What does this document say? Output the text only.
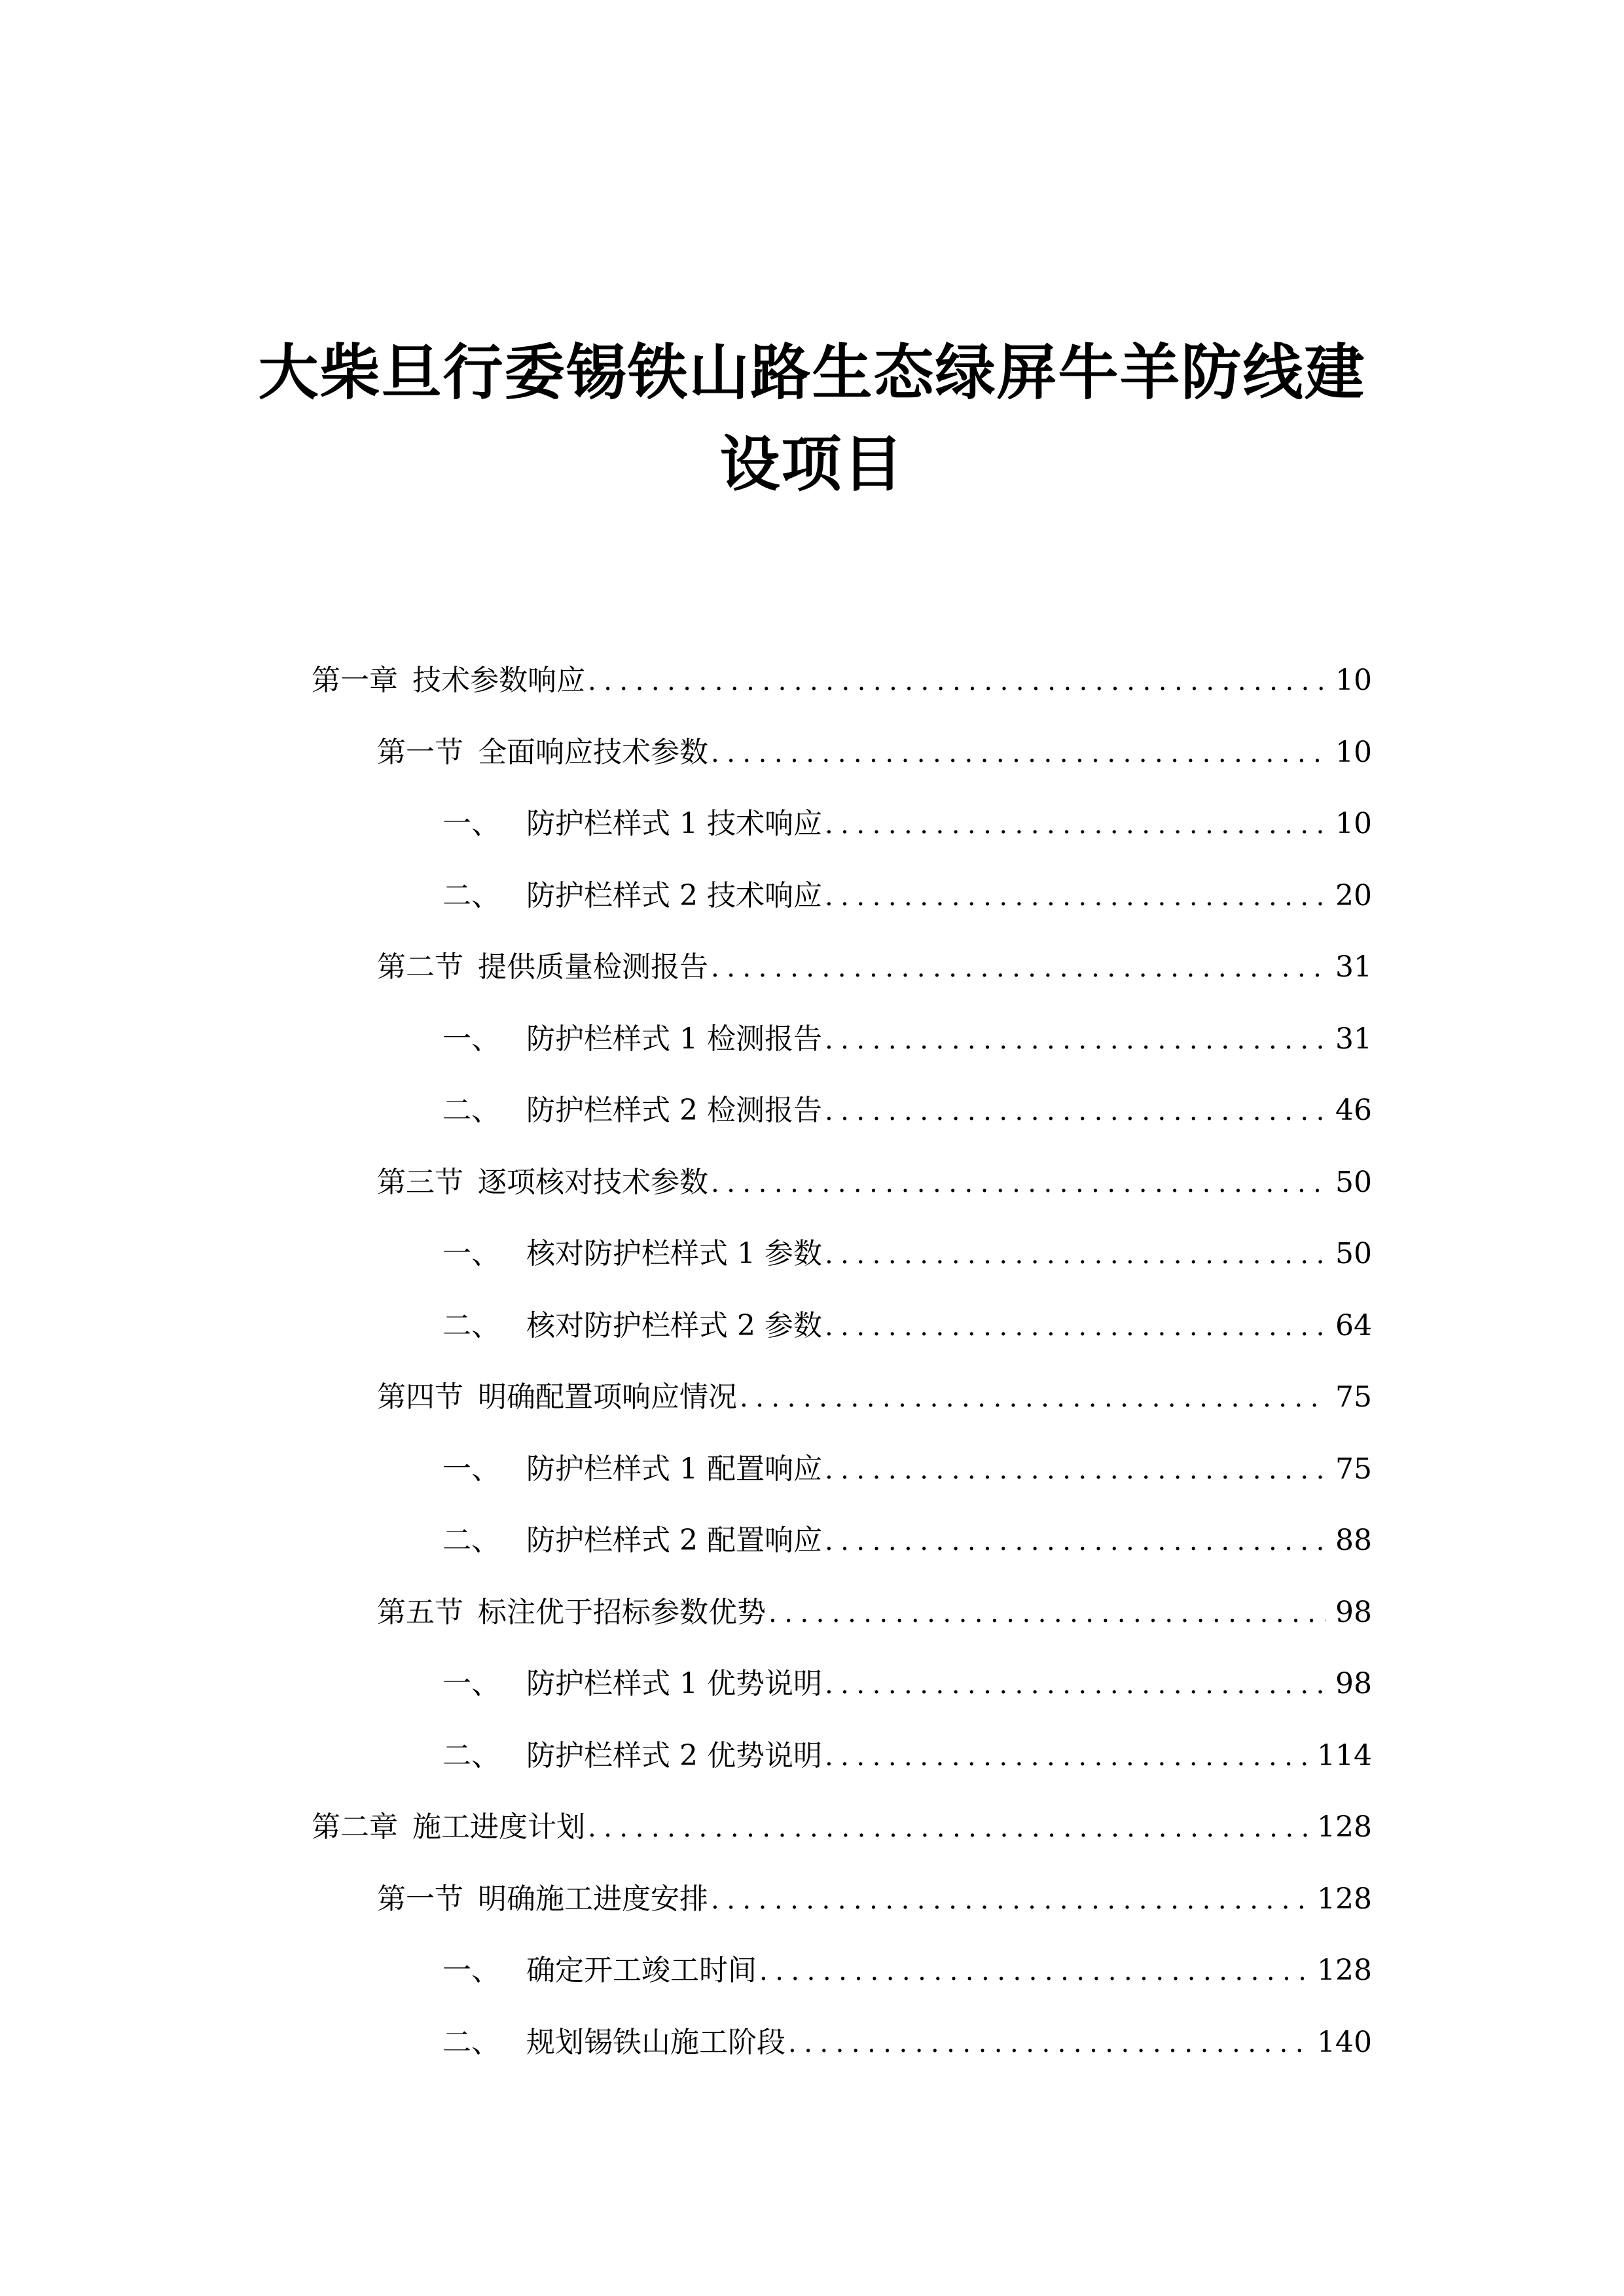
大柴旦行委锡铁山路生态绿屏牛羊防线建
设项目
第一章 技术参数响应 .....	10
第一节 全面响应技术参数 .....	10
一、 防护栏样式 1 技术响应 .....	10
二、 防护栏样式 2 技术响应 .....	20
第二节 提供质量检测报告 .....	31
一、 防护栏样式 1 检测报告 .....	31
二、 防护栏样式 2 检测报告 .....	46
第三节 逐项核对技术参数 .....	50
一、 核对防护栏样式 1 参数 .....	50
二、 核对防护栏样式 2 参数 .....	64
第四节 明确配置项响应情况 .....	75
一、 防护栏样式 1 配置响应 .....	75
二、 防护栏样式 2 配置响应 .....	88
第五节 标注优于招标参数优势 .....	98
一、 防护栏样式 1 优势说明 .....	98
二、 防护栏样式 2 优势说明 .....	114
第二章 施工进度计划 .....	128
第一节 明确施工进度安排 .....	128
一、 确定开工竣工时间 .....	128
二、 规划锡铁山施工阶段 .....	140
